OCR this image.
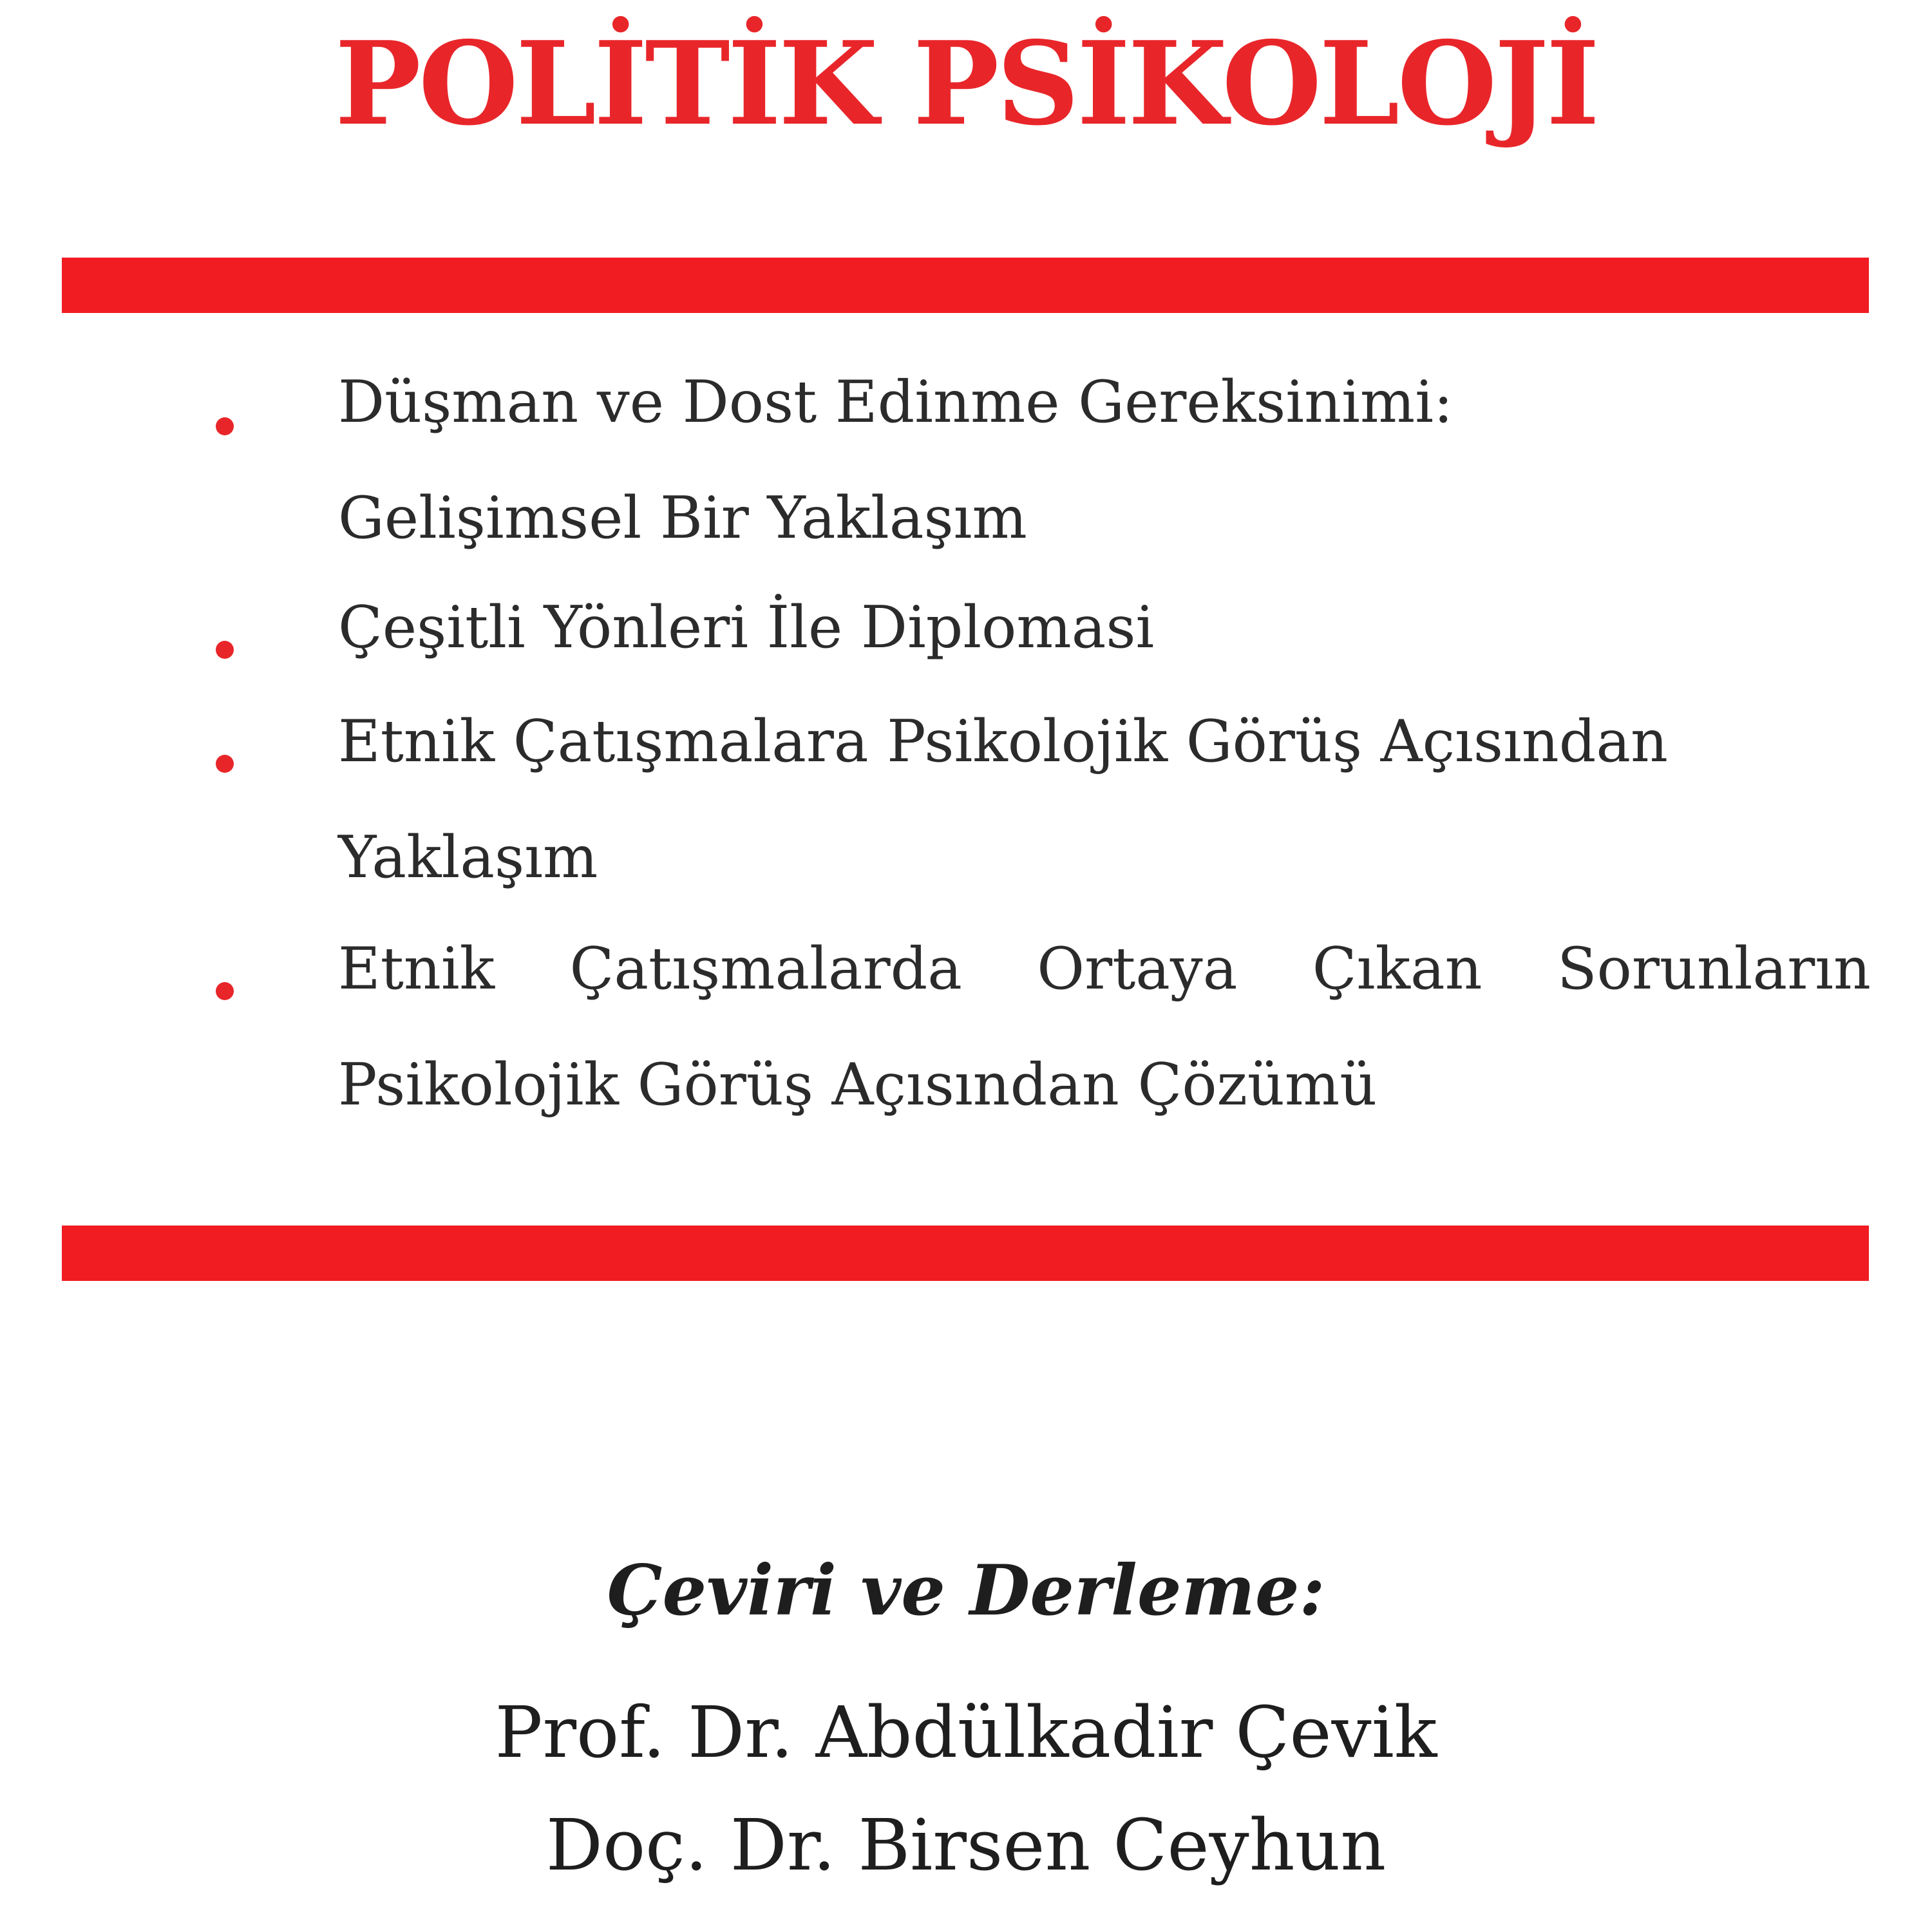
POLİTİK PSİKOLOJİ
Düşman ve Dost Edinme Gereksinimi:
Gelişimsel Bir Yaklaşım
Çeşitli Yönleri İle Diplomasi
Etnik Çatışmalara Psikolojik Görüş Açısından
Yaklaşım
Etnik Çatışmalarda Ortaya Çıkan Sorunların
Psikolojik Görüş Açısından Çözümü
Çeviri ve Derleme:
Prof. Dr. Abdülkadir Çevik
Doç. Dr. Birsen Ceyhun
